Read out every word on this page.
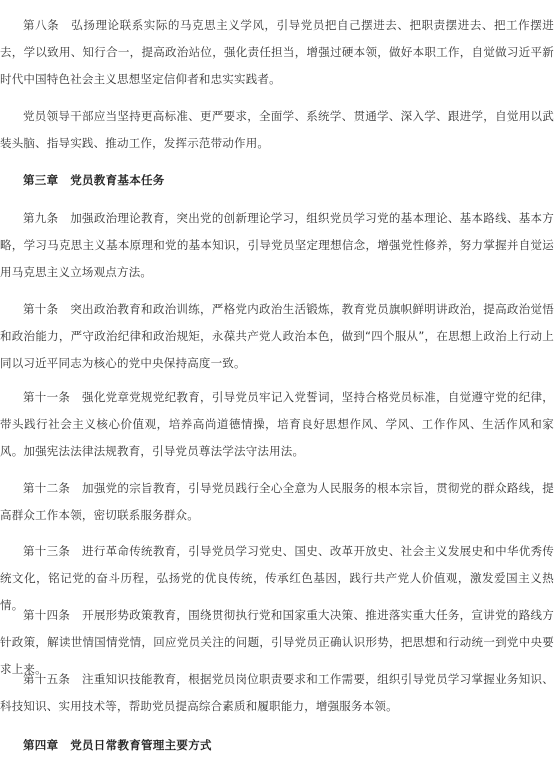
第八条　弘扬理论联系实际的马克思主义学风，引导党员把自己摆进去、把职责摆进去、把工作摆进去，学以致用、知行合一，提高政治站位，强化责任担当，增强过硬本领，做好本职工作，自觉做习近平新时代中国特色社会主义思想坚定信仰者和忠实实践者。

党员领导干部应当坚持更高标准、更严要求，全面学、系统学、贯通学、深入学、跟进学，自觉用以武装头脑、指导实践、推动工作，发挥示范带动作用。

第三章　党员教育基本任务

第九条　加强政治理论教育，突出党的创新理论学习，组织党员学习党的基本理论、基本路线、基本方略，学习马克思主义基本原理和党的基本知识，引导党员坚定理想信念，增强党性修养，努力掌握并自觉运用马克思主义立场观点方法。

第十条　突出政治教育和政治训练，严格党内政治生活锻炼，教育党员旗帜鲜明讲政治，提高政治觉悟和政治能力，严守政治纪律和政治规矩，永葆共产党人政治本色，做到“四个服从”，在思想上政治上行动上同以习近平同志为核心的党中央保持高度一致。

第十一条　强化党章党规党纪教育，引导党员牢记入党誓词，坚持合格党员标准，自觉遵守党的纪律，带头践行社会主义核心价值观，培养高尚道德情操，培育良好思想作风、学风、工作作风、生活作风和家风。加强宪法法律法规教育，引导党员尊法学法守法用法。

第十二条　加强党的宗旨教育，引导党员践行全心全意为人民服务的根本宗旨，贯彻党的群众路线，提高群众工作本领，密切联系服务群众。

第十三条　进行革命传统教育，引导党员学习党史、国史、改革开放史、社会主义发展史和中华优秀传统文化，铭记党的奋斗历程，弘扬党的优良传统，传承红色基因，践行共产党人价值观，激发爱国主义热情。

第十四条　开展形势政策教育，围绕贯彻执行党和国家重大决策、推进落实重大任务，宣讲党的路线方针政策，解读世情国情党情，回应党员关注的问题，引导党员正确认识形势，把思想和行动统一到党中央要求上来。

第十五条　注重知识技能教育，根据党员岗位职责要求和工作需要，组织引导党员学习掌握业务知识、科技知识、实用技术等，帮助党员提高综合素质和履职能力，增强服务本领。

第四章　党员日常教育管理主要方式
